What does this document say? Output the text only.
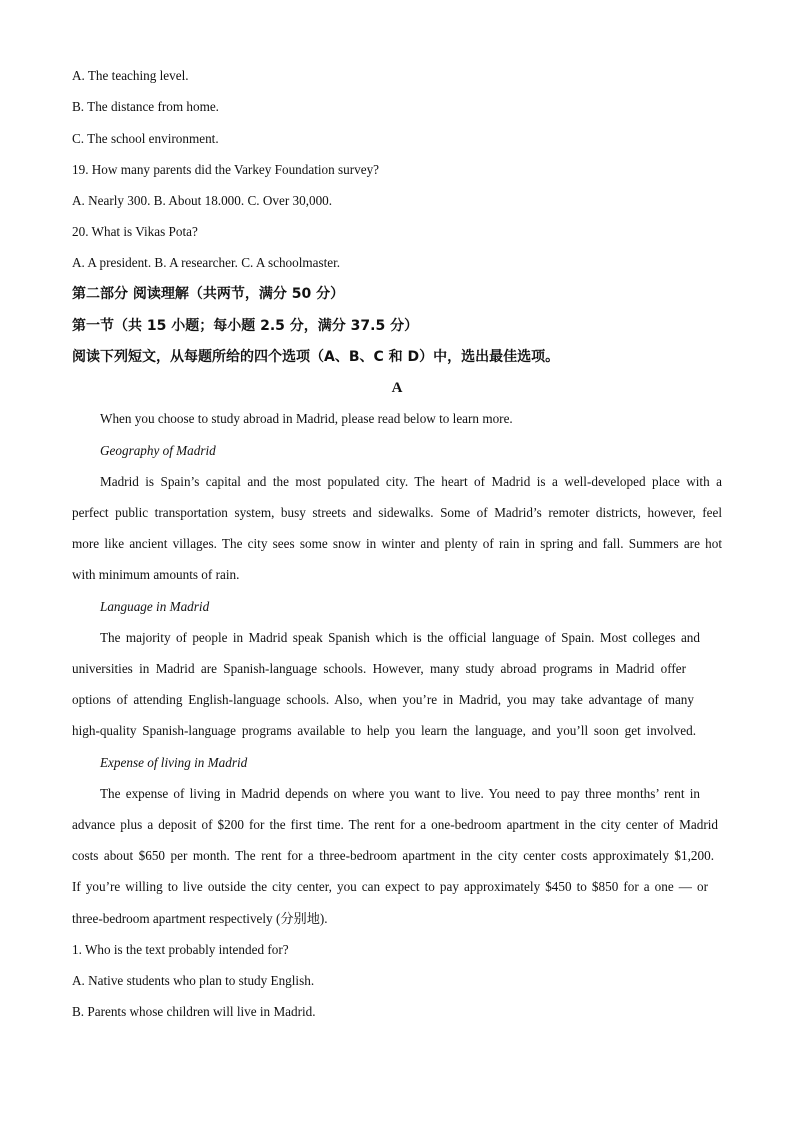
A. The teaching level.
B. The distance from home.
C. The school environment.
19. How many parents did the Varkey Foundation survey?
A. Nearly 300. B. About 18.000. C. Over 30,000.
20. What is Vikas Pota?
A. A president. B. A researcher. C. A schoolmaster.
第二部分 阅读理解（共两节，满分 50 分）
第一节（共 15 小题；每小题 2.5 分，满分 37.5 分）
阅读下列短文，从每题所给的四个选项（A、B、C 和 D）中，选出最佳选项。
A
When you choose to study abroad in Madrid, please read below to learn more.
Geography of Madrid
Madrid is Spain’s capital and the most populated city. The heart of Madrid is a well-developed place with a
perfect public transportation system, busy streets and sidewalks. Some of Madrid’s remoter districts, however, feel
more like ancient villages. The city sees some snow in winter and plenty of rain in spring and fall. Summers are hot
with minimum amounts of rain.
Language in Madrid
The majority of people in Madrid speak Spanish which is the official language of Spain. Most colleges and
universities in Madrid are Spanish-language schools. However, many study abroad programs in Madrid offer
options of attending English-language schools. Also, when you’re in Madrid, you may take advantage of many
high-quality Spanish-language programs available to help you learn the language, and you’ll soon get involved.
Expense of living in Madrid
The expense of living in Madrid depends on where you want to live. You need to pay three months’ rent in
advance plus a deposit of $200 for the first time. The rent for a one-bedroom apartment in the city center of Madrid
costs about $650 per month. The rent for a three-bedroom apartment in the city center costs approximately $1,200.
If you’re willing to live outside the city center, you can expect to pay approximately $450 to $850 for a one — or
three-bedroom apartment respectively (分别地).
1. Who is the text probably intended for?
A. Native students who plan to study English.
B. Parents whose children will live in Madrid.
